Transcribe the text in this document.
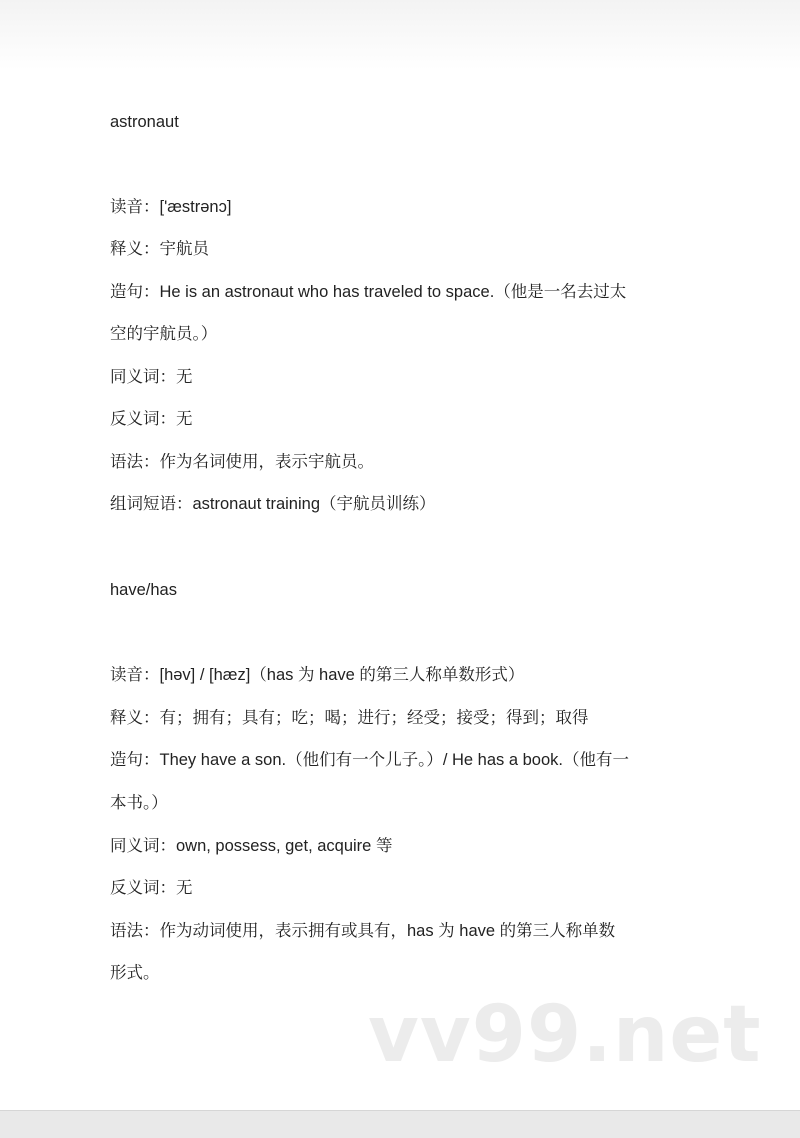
astronaut
读音：['æstrənɔ]
释义：宇航员
造句：He is an astronaut who has traveled to space.（他是一名去过太
空的宇航员。）
同义词：无
反义词：无
语法：作为名词使用，表示宇航员。
组词短语：astronaut training（宇航员训练）
have/has
读音：[həv] / [hæz]（has 为 have 的第三人称单数形式）
释义：有；拥有；具有；吃；喝；进行；经受；接受；得到；取得
造句：They have a son.（他们有一个儿子。）/ He has a book.（他有一
本书。）
同义词：own, possess, get, acquire 等
反义词：无
语法：作为动词使用，表示拥有或具有，has 为 have 的第三人称单数
形式。
vv99.net
